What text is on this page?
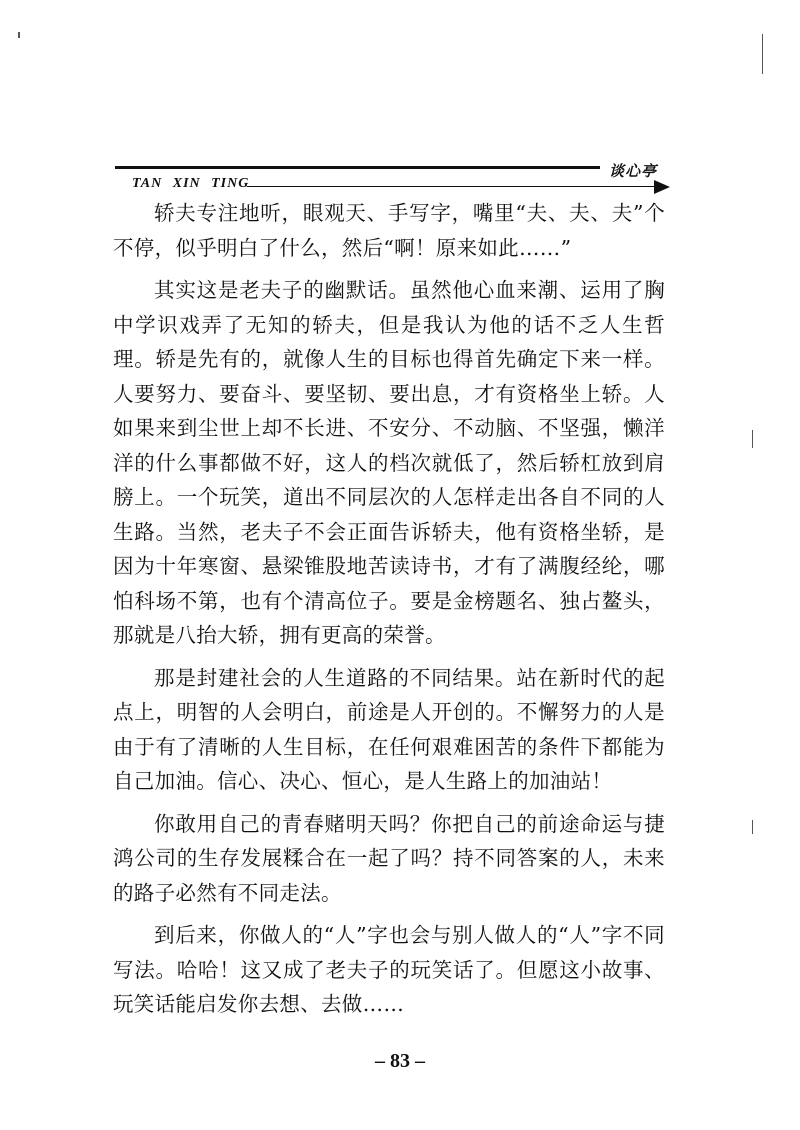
TAN XIN TING
谈心亭

轿夫专注地听，眼观天、手写字，嘴里“夫、夫、夫”个不停，似乎明白了什么，然后“啊！原来如此……”

其实这是老夫子的幽默话。虽然他心血来潮、运用了胸中学识戏弄了无知的轿夫，但是我认为他的话不乏人生哲理。轿是先有的，就像人生的目标也得首先确定下来一样。人要努力、要奋斗、要坚韧、要出息，才有资格坐上轿。人如果来到尘世上却不长进、不安分、不动脑、不坚强，懒洋洋的什么事都做不好，这人的档次就低了，然后轿杠放到肩膀上。一个玩笑，道出不同层次的人怎样走出各自不同的人生路。当然，老夫子不会正面告诉轿夫，他有资格坐轿，是因为十年寒窗、悬梁锥股地苦读诗书，才有了满腹经纶，哪怕科场不第，也有个清高位子。要是金榜题名、独占鳌头，那就是八抬大轿，拥有更高的荣誉。

那是封建社会的人生道路的不同结果。站在新时代的起点上，明智的人会明白，前途是人开创的。不懈努力的人是由于有了清晰的人生目标，在任何艰难困苦的条件下都能为自己加油。信心、决心、恒心，是人生路上的加油站！

你敢用自己的青春赌明天吗？你把自己的前途命运与捷鸿公司的生存发展糅合在一起了吗？持不同答案的人，未来的路子必然有不同走法。

到后来，你做人的“人”字也会与别人做人的“人”字不同写法。哈哈！这又成了老夫子的玩笑话了。但愿这小故事、玩笑话能启发你去想、去做……

– 83 –
